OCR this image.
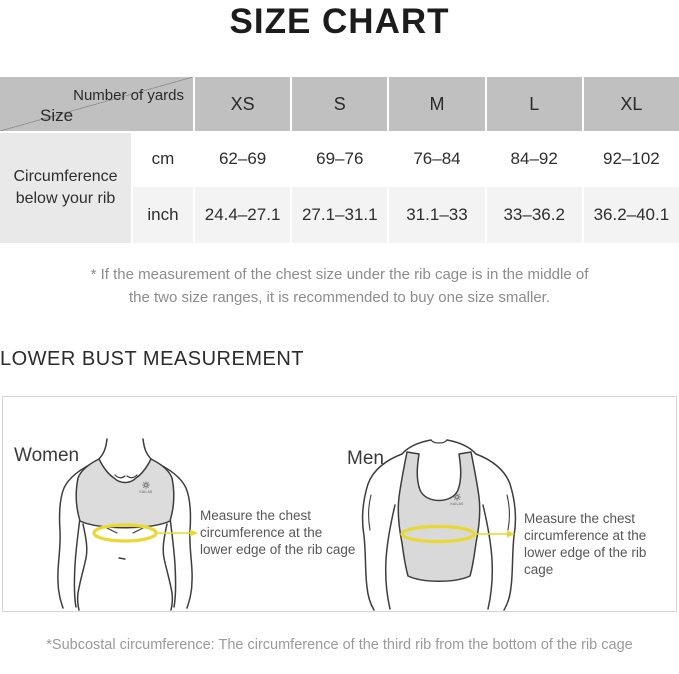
SIZE CHART
Number of yards
Size
XS	S	M	L	XL
Circumference below your rib
cm	62–69	69–76	76–84	84–92	92–102
inch	24.4–27.1	27.1–31.1	31.1–33	33–36.2	36.2–40.1
* If the measurement of the chest size under the rib cage is in the middle of
the two size ranges, it is recommended to buy one size smaller.
LOWER BUST MEASUREMENT
KAILAS
KAILAS
Women	Men
Measure the chest
circumference at the
lower edge of the rib cage
Measure the chest
circumference at the
lower edge of the rib cage
*Subcostal circumference: The circumference of the third rib from the bottom of the rib cage
